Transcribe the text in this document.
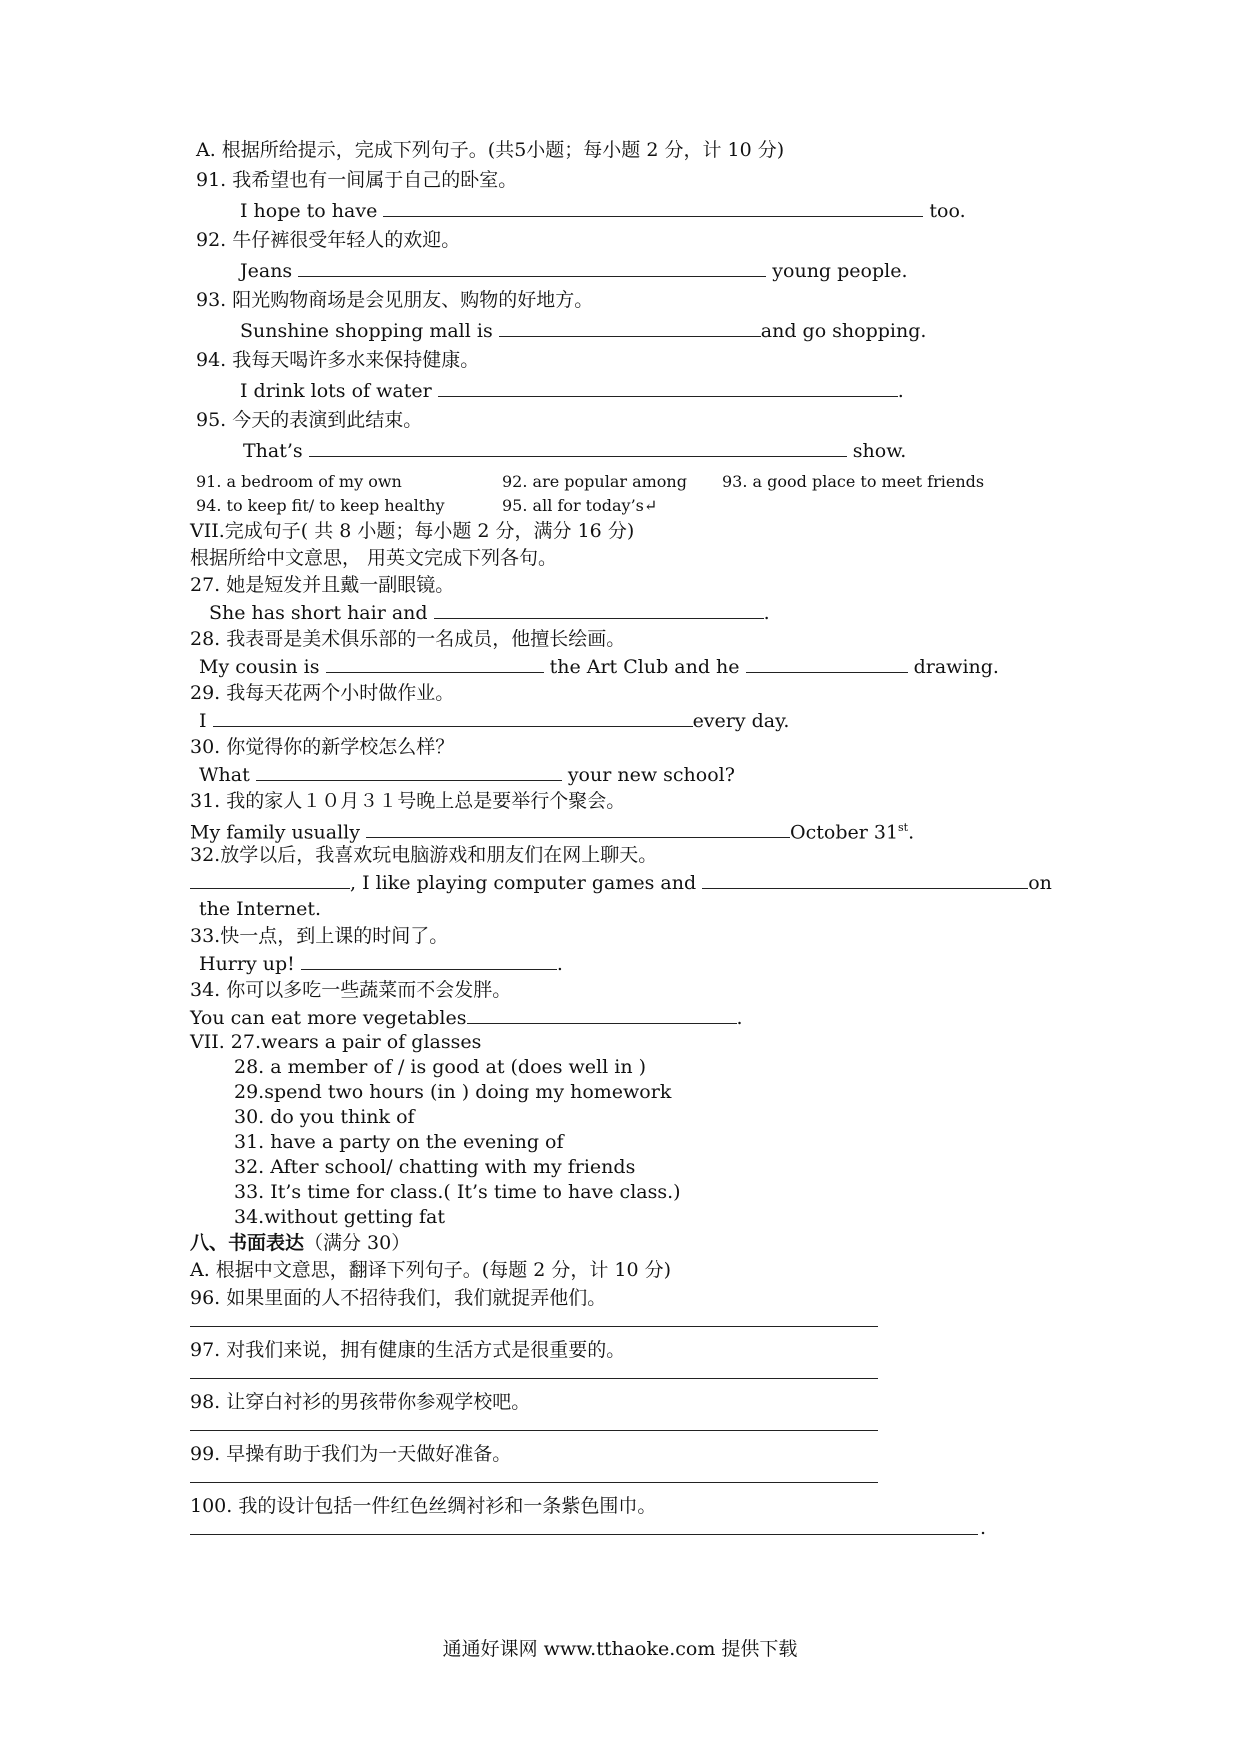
A. 根据所给提示，完成下列句子。(共5小题；每小题 2 分，计 10 分)
91. 我希望也有一间属于自己的卧室。
I hope to have	too.
92. 牛仔裤很受年轻人的欢迎。
Jeans	young people.
93. 阳光购物商场是会见朋友、购物的好地方。
Sunshine shopping mall is	and go shopping.
94. 我每天喝许多水来保持健康。
I drink lots of water	.
95. 今天的表演到此结束。
That’s	show.
91. a bedroom of my own	92. are popular among 93. a good place to meet friends
94. to keep fit/ to keep healthy	95. all for today’s↵
VII.完成句子( 共 8 小题；每小题 2 分，满分 16 分)
根据所给中文意思， 用英文完成下列各句。
27. 她是短发并且戴一副眼镜。
She has short hair and	.
28. 我表哥是美术俱乐部的一名成员，他擅长绘画。
My cousin is	the Art Club and he	drawing.
29. 我每天花两个小时做作业。
I	every day.
30. 你觉得你的新学校怎么样？
What	your new school?
31. 我的家人１０月３１号晚上总是要举行个聚会。
My family usually	October 31st.
32.放学以后，我喜欢玩电脑游戏和朋友们在网上聊天。
, I like playing computer games and	on
the Internet.
33.快一点，到上课的时间了。
Hurry up!	.
34. 你可以多吃一些蔬菜而不会发胖。
You can eat more vegetables	.
VII. 27.wears a pair of glasses
28. a member of / is good at (does well in )
29.spend two hours (in ) doing my homework
30. do you think of
31. have a party on the evening of
32. After school/ chatting with my friends
33. It’s time for class.( It’s time to have class.)
34.without getting fat
八、书面表达（满分 30）
A. 根据中文意思，翻译下列句子。(每题 2 分，计 10 分)
96. 如果里面的人不招待我们，我们就捉弄他们。
97. 对我们来说，拥有健康的生活方式是很重要的。
98. 让穿白衬衫的男孩带你参观学校吧。
99. 早操有助于我们为一天做好准备。
100. 我的设计包括一件红色丝绸衬衫和一条紫色围巾。
.
通通好课网 www.tthaoke.com 提供下载
